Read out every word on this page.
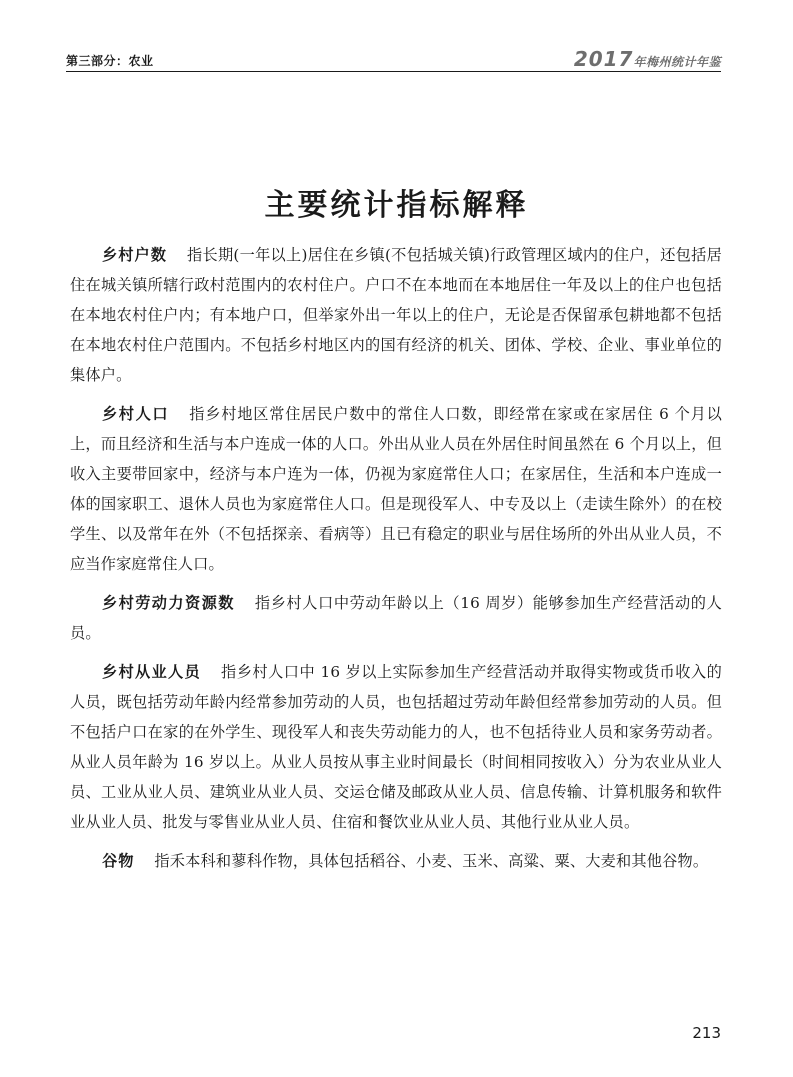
第三部分：农业	2017年梅州统计年鉴
主要统计指标解释

乡村户数 指长期(一年以上)居住在乡镇(不包括城关镇)行政管理区域内的住户，还包括居住在城关镇所辖行政村范围内的农村住户。户口不在本地而在本地居住一年及以上的住户也包括在本地农村住户内；有本地户口，但举家外出一年以上的住户，无论是否保留承包耕地都不包括在本地农村住户范围内。不包括乡村地区内的国有经济的机关、团体、学校、企业、事业单位的集体户。

乡村人口 指乡村地区常住居民户数中的常住人口数，即经常在家或在家居住 6 个月以上，而且经济和生活与本户连成一体的人口。外出从业人员在外居住时间虽然在 6 个月以上，但收入主要带回家中，经济与本户连为一体，仍视为家庭常住人口；在家居住，生活和本户连成一体的国家职工、退休人员也为家庭常住人口。但是现役军人、中专及以上（走读生除外）的在校学生、以及常年在外（不包括探亲、看病等）且已有稳定的职业与居住场所的外出从业人员，不应当作家庭常住人口。

乡村劳动力资源数 指乡村人口中劳动年龄以上（16 周岁）能够参加生产经营活动的人员。

乡村从业人员 指乡村人口中 16 岁以上实际参加生产经营活动并取得实物或货币收入的人员，既包括劳动年龄内经常参加劳动的人员，也包括超过劳动年龄但经常参加劳动的人员。但不包括户口在家的在外学生、现役军人和丧失劳动能力的人，也不包括待业人员和家务劳动者。从业人员年龄为 16 岁以上。从业人员按从事主业时间最长（时间相同按收入）分为农业从业人员、工业从业人员、建筑业从业人员、交运仓储及邮政从业人员、信息传输、计算机服务和软件业从业人员、批发与零售业从业人员、住宿和餐饮业从业人员、其他行业从业人员。

谷物 指禾本科和蓼科作物，具体包括稻谷、小麦、玉米、高粱、粟、大麦和其他谷物。

213
